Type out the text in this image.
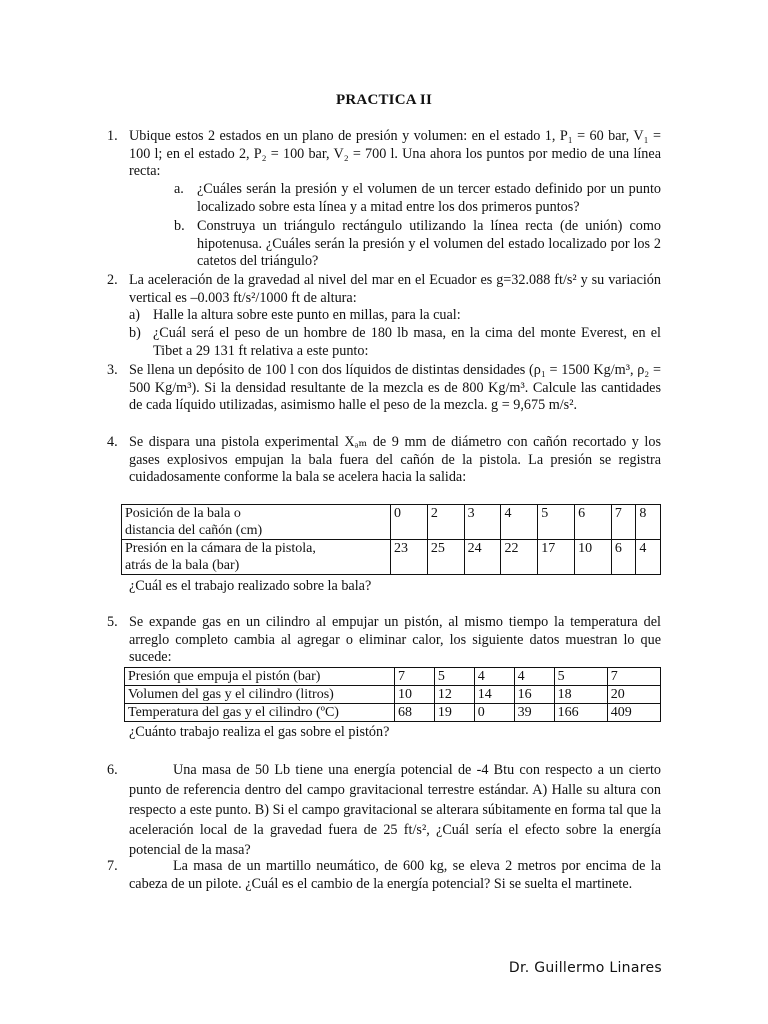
PRACTICA II
1. Ubique estos 2 estados en un plano de presión y volumen: en el estado 1, P₁ = 60 bar, V₁ = 100 l; en el estado 2, P₂ = 100 bar, V₂ = 700 l. Una ahora los puntos por medio de una línea recta:
a. ¿Cuáles serán la presión y el volumen de un tercer estado definido por un punto localizado sobre esta línea y a mitad entre los dos primeros puntos?
b. Construya un triángulo rectángulo utilizando la línea recta (de unión) como hipotenusa. ¿Cuáles serán la presión y el volumen del estado localizado por los 2 catetos del triángulo?
2. La aceleración de la gravedad al nivel del mar en el Ecuador es g=32.088 ft/s² y su variación vertical es –0.003 ft/s²/1000 ft de altura:
a) Halle la altura sobre este punto en millas, para la cual:
b) ¿Cuál será el peso de un hombre de 180 lb masa, en la cima del monte Everest, en el Tibet a 29 131 ft relativa a este punto:
3. Se llena un depósito de 100 l con dos líquidos de distintas densidades (ρ₁ = 1500 Kg/m³, ρ₂ = 500 Kg/m³). Si la densidad resultante de la mezcla es de 800 Kg/m³. Calcule las cantidades de cada líquido utilizadas, asimismo halle el peso de la mezcla. g = 9,675 m/s².
4. Se dispara una pistola experimental Xₐₘ de 9 mm de diámetro con cañón recortado y los gases explosivos empujan la bala fuera del cañón de la pistola. La presión se registra cuidadosamente conforme la bala se acelera hacia la salida:
Posición de la bala o
distancia del cañón (cm)	0	2	3	4	5	6	7	8

Presión en la cámara de la pistola,
atrás de la bala (bar)	23	25	24	22	17	10	6	4
¿Cuál es el trabajo realizado sobre la bala?
5. Se expande gas en un cilindro al empujar un pistón, al mismo tiempo la temperatura del arreglo completo cambia al agregar o eliminar calor, los siguiente datos muestran lo que sucede:
Presión que empuja el pistón (bar)	7	5	4	4	5	7
Volumen del gas y el cilindro (litros)	10	12	14	16	18	20
Temperatura del gas y el cilindro (ºC)	68	19	0	39	166	409
¿Cuánto trabajo realiza el gas sobre el pistón?
6.	Una masa de 50 Lb tiene una energía potencial de -4 Btu con respecto a un cierto punto de referencia dentro del campo gravitacional terrestre estándar. A) Halle su altura con respecto a este punto. B) Si el campo gravitacional se alterara súbitamente en forma tal que la aceleración local de la gravedad fuera de 25 ft/s², ¿Cuál sería el efecto sobre la energía potencial de la masa?
7.	La masa de un martillo neumático, de 600 kg, se eleva 2 metros por encima de la cabeza de un pilote. ¿Cuál es el cambio de la energía potencial? Si se suelta el martinete.
Dr. Guillermo Linares
